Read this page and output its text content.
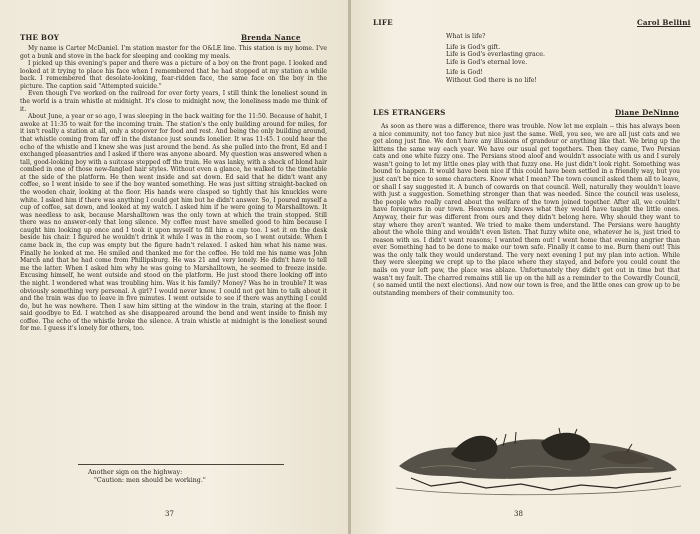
THE BOY	Brenda Nance

My name is Carter McDaniel. I'm station master for the O&LE line. This station is my home. I've got a bunk and stove in the back for sleeping and cooking my meals.

I picked up this evening's paper and there was a picture of a boy on the front page. I looked and looked at it trying to place his face when I remembered that he had stopped at my station a while back. I remembered that desolate-looking, fear-ridden face, the same face on the boy in the picture. The caption said "Attempted suicide."

Even though I've worked on the railroad for over forty years, I still think the loneliest sound in the world is a train whistle at midnight. It's close to midnight now, the loneliness made me think of it.

About June, a year or so ago, I was sleeping in the back waiting for the 11:50. Because of habit, I awoke at 11:35 to wait for the incoming train. The station's the only building around for miles, for it isn't really a station at all, only a stopover for food and rest. And being the only building around, that whistle coming from far off in the distance just sounds lonelier. It was 11:45. I could hear the echo of the whistle and I knew she was just around the bend. As she pulled into the front, Ed and I exchanged pleasantries and I asked if there was anyone aboard. My question was answered when a tall, good-looking boy with a suitcase stepped off the train. He was lanky, with a shock of blond hair combed in one of those new-fangled hair styles. Without even a glance, he walked to the timetable at the side of the platform. He then went inside and sat down. Ed said that he didn't want any coffee, so I went inside to see if the boy wanted something. He was just sitting straight-backed on the wooden chair, looking at the floor. His hands were clasped so tightly that his knuckles were white. I asked him if there was anything I could get him but he didn't answer. So, I poured myself a cup of coffee, sat down, and looked at my watch. I asked him if he were going to Marshalltown. It was needless to ask, because Marshalltown was the only town at which the train stopped. Still there was no answer-only that long silence. My coffee must have smelled good to him because I caught him looking up once and I took it upon myself to fill him a cup too. I set it on the desk beside his chair. I figured he wouldn't drink it while I was in the room, so I went outside. When I came back in, the cup was empty but the figure hadn't relaxed. I asked him what his name was. Finally he looked at me. He smiled and thanked me for the coffee. He told me his name was John March and that he had come from Phillipsburg. He was 21 and very lonely. He didn't have to tell me the latter. When I asked him why he was going to Marshalltown, he seemed to freeze inside. Excusing himself, he went outside and stood on the platform. He just stood there looking off into the night. I wondered what was troubling him. Was it his family? Money? Was he in trouble? It was obviously something very personal. A girl? I would never know. I could not get him to talk about it and the train was due to leave in five minutes. I went outside to see if there was anything I could do, but he was nowhere. Then I saw him sitting at the window in the train, staring at the floor. I said goodbye to Ed. I watched as she disappeared around the bend and went inside to finish my coffee. The echo of the whistle broke the silence. A train whistle at midnight is the loneliest sound for me. I guess it's lonely for others, too.

Another sign on the highway:
"Caution: men should be working."
37
LIFE	Carol Bellini
What is life?
Life is God's gift.
Life is God's everlasting grace.
Life is God's eternal love.
Life is God!
Without God there is no life!
LES ETRANGERS	Diane DeNinno

As soon as there was a difference, there was trouble. Now let me explain -- this has always been a nice community, not too fancy but nice just the same. Well, you see, we are all just cats and we get along just fine. We don't have any illusions of grandeur or anything like that. We bring up the kittens the same way each year. We have our usual get togethers. Then they came, Two Persian cats and one white fuzzy one. The Persians stood aloof and wouldn't associate with us and I surely wasn't going to let my little ones play with that fuzzy one. He just didn't look right. Something was bound to happen. It would have been nice if this could have been settled in a friendly way, but you just can't be nice to some characters. Know what I mean? The town council asked them all to leave, or shall I say suggested it. A bunch of cowards on that council. Well, naturally they wouldn't leave with just a suggestion. Something stronger than that was needed. Since the council was useless, the people who really cared about the welfare of the town joined together. After all, we couldn't have foreigners in our town. Heavens only knows what they would have taught the little ones. Anyway, their fur was different from ours and they didn't belong here. Why should they want to stay where they aren't wanted. We tried to make them understand. The Persians were haughty about the whole thing and wouldn't even listen. That fuzzy white one, whatever he is, just tried to reason with us. I didn't want reasons; I wanted them out! I went home that evening angrier than ever. Something had to be done to make our town safe. Finally it came to me. Burn them out! This was the only talk they would understand. The very next evening I put my plan into action. While they were sleeping we crept up to the place where they stayed, and before you could count the nails on your left paw, the place was ablaze. Unfortunately they didn't get out in time but that wasn't my fault. The charred remains still lie up on the hill as a reminder to the Cowardly Council, ( so named until the next elections). And now our town is free, and the little ones can grow up to be outstanding members of their community too.

38
